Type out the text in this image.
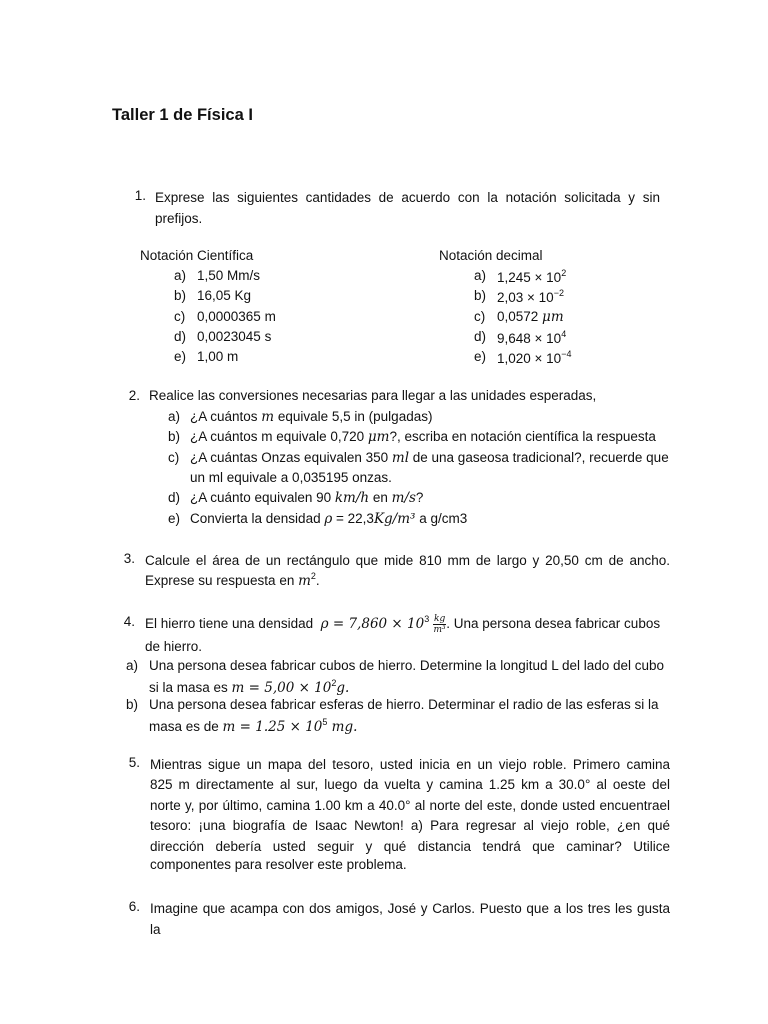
Taller 1 de Física I
1. Exprese las siguientes cantidades de acuerdo con la notación solicitada y sin prefijos.
Notación Científica
a) 1,50 Mm/s
b) 16,05 Kg
c) 0,0000365 m
d) 0,0023045 s
e) 1,00 m
Notación decimal
a) $1,245 \times 10^2$
b) $2,03 \times 10^{-2}$
c) 0,0572 μm
d) $9,648 \times 10^4$
e) $1,020 \times 10^{-4}$
2. Realice las conversiones necesarias para llegar a las unidades esperadas,
a) ¿A cuántos m equivale 5,5 in (pulgadas)
b) ¿A cuántos m equivale 0,720 μm?, escriba en notación científica la respuesta
c) ¿A cuántas Onzas equivalen 350 ml de una gaseosa tradicional?, recuerde que
un ml equivale a 0,035195 onzas.
d) ¿A cuánto equivalen 90 km/h en m/s?
e) Convierta la densidad ρ = 22,3Kg/m³ a g/cm3
3. Calcule el área de un rectángulo que mide 810 mm de largo y 20,50 cm de ancho.
Exprese su respuesta en $m^2$.
4. El hierro tiene una densidad $\rho = 7,860 \times 10^3 \frac{kg}{\text{m³}}$ . Una persona desea fabricar cubos
de hierro.
a) Una persona desea fabricar cubos de hierro. Determine la longitud L del lado del cubo
si la masa es $m = 5,00 \times 10^2g$.
b) Una persona desea fabricar esferas de hierro. Determinar el radio de las esferas si la
masa es de $m = 1.25 \times 10^5$ mg.
5. Mientras sigue un mapa del tesoro, usted inicia en un viejo roble. Primero camina
825 m directamente al sur, luego da vuelta y camina 1.25 km a 30.0° al oeste del
norte y, por último, camina 1.00 km a 40.0° al norte del este, donde usted encuentrael
tesoro: ¡una biografía de Isaac Newton! a) Para regresar al viejo roble, ¿en qué
dirección debería usted seguir y qué distancia tendrá que caminar? Utilice
componentes para resolver este problema.
6. Imagine que acampa con dos amigos, José y Carlos. Puesto que a los tres les gusta la
